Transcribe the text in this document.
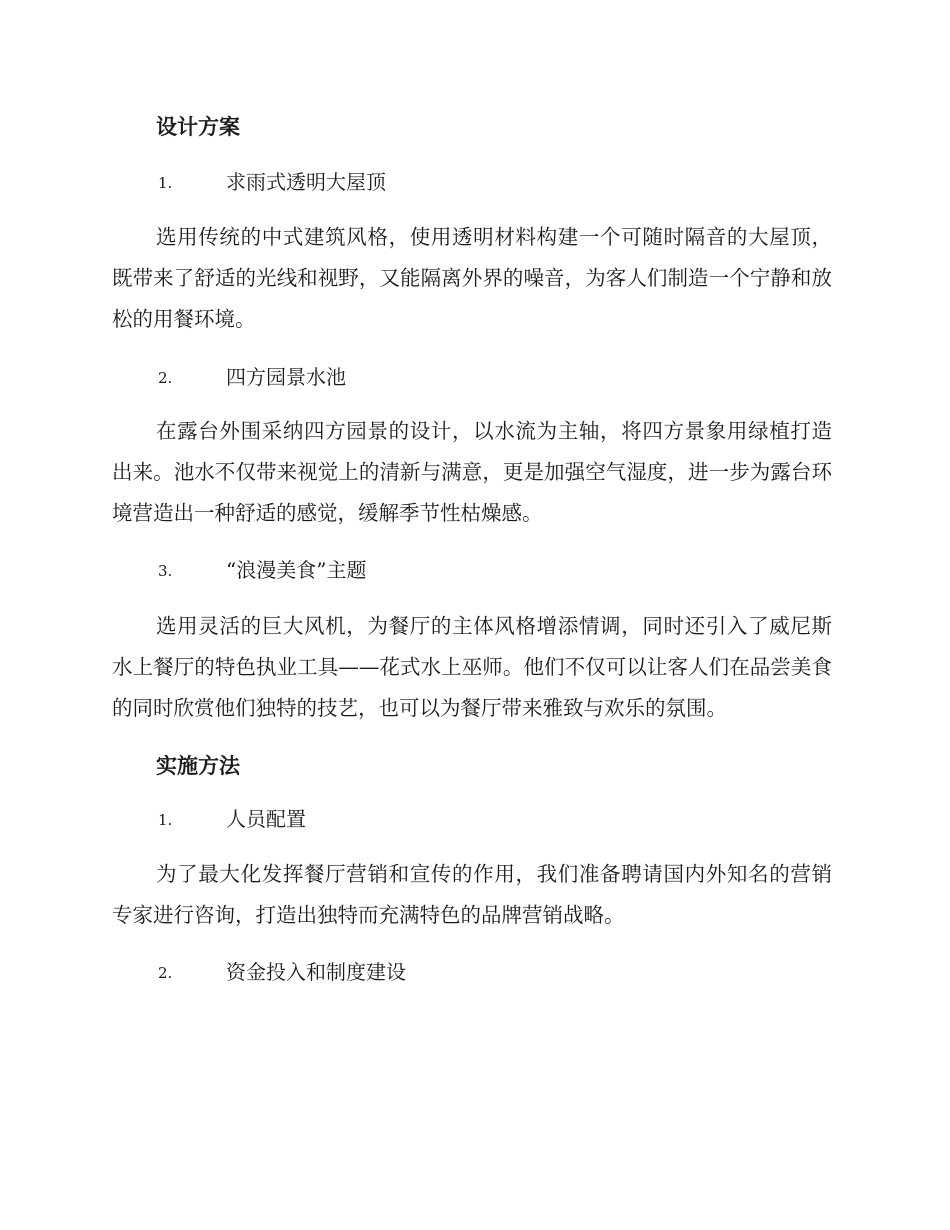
设计方案
1.	求雨式透明大屋顶
选用传统的中式建筑风格，使用透明材料构建一个可随时隔音的大屋顶，既带来了舒适的光线和视野，又能隔离外界的噪音，为客人们制造一个宁静和放松的用餐环境。
2.	四方园景水池
在露台外围采纳四方园景的设计，以水流为主轴，将四方景象用绿植打造出来。池水不仅带来视觉上的清新与满意，更是加强空气湿度，进一步为露台环境营造出一种舒适的感觉，缓解季节性枯燥感。
3.	“浪漫美食”主题
选用灵活的巨大风机，为餐厅的主体风格增添情调，同时还引入了威尼斯水上餐厅的特色执业工具——花式水上巫师。他们不仅可以让客人们在品尝美食的同时欣赏他们独特的技艺，也可以为餐厅带来雅致与欢乐的氛围。
实施方法
1.	人员配置
为了最大化发挥餐厅营销和宣传的作用，我们准备聘请国内外知名的营销专家进行咨询，打造出独特而充满特色的品牌营销战略。
2.	资金投入和制度建设
